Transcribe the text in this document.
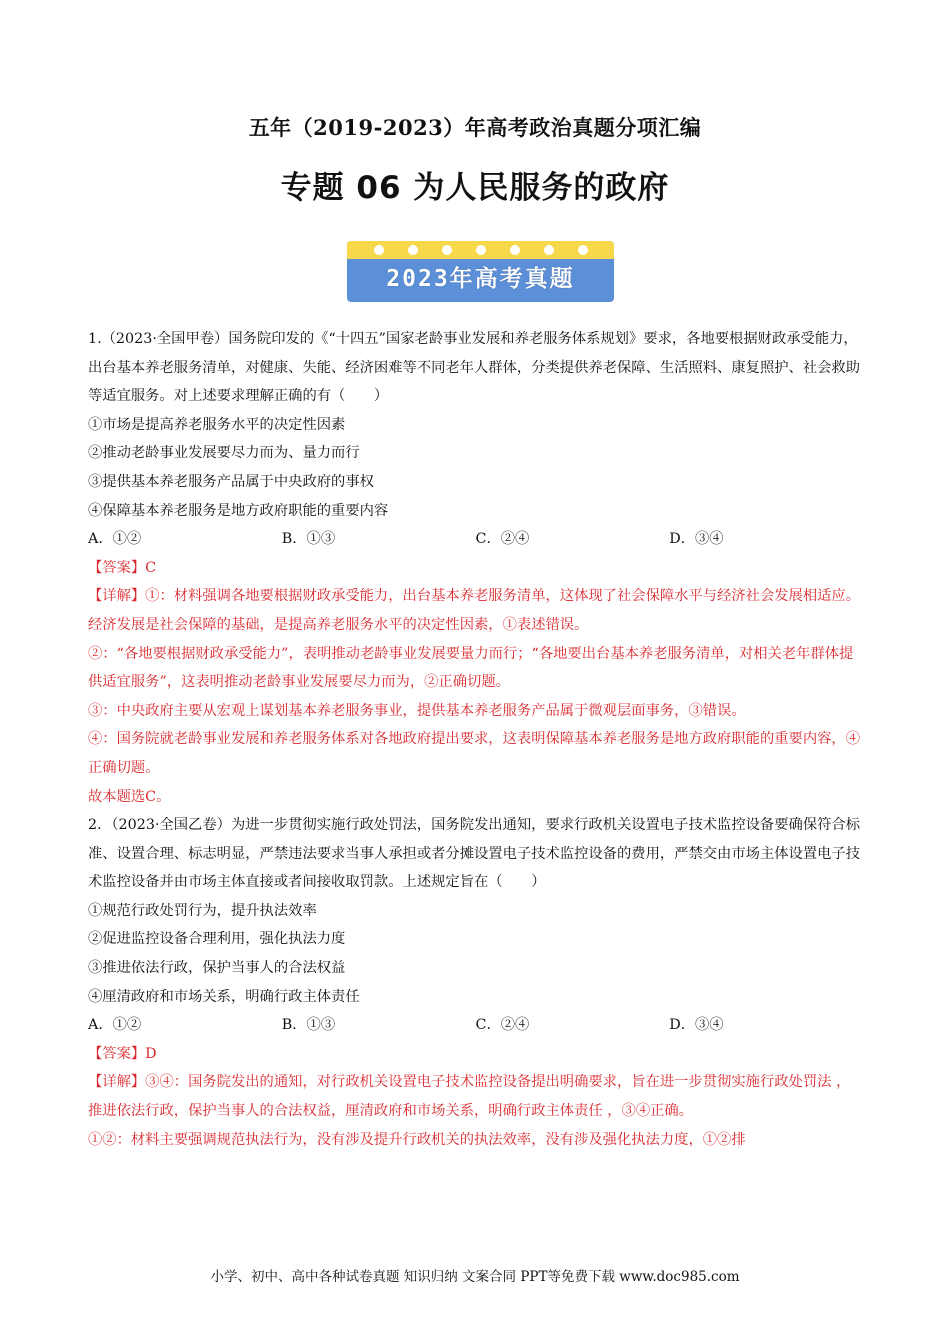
五年（2019-2023）年高考政治真题分项汇编
专题 06 为人民服务的政府
2023年高考真题

1.（2023·全国甲卷）国务院印发的《“十四五”国家老龄事业发展和养老服务体系规划》要求，各地要根据财政承受能力，出台基本养老服务清单，对健康、失能、经济困难等不同老年人群体，分类提供养老保障、生活照料、康复照护、社会救助等适宜服务。对上述要求理解正确的有（　　）

①市场是提高养老服务水平的决定性因素

②推动老龄事业发展要尽力而为、量力而行

③提供基本养老服务产品属于中央政府的事权

④保障基本养老服务是地方政府职能的重要内容

A．①②	B．①③	C．②④	D．③④

【答案】C

【详解】①：材料强调各地要根据财政承受能力，出台基本养老服务清单，这体现了社会保障水平与经济社会发展相适应。经济发展是社会保障的基础，是提高养老服务水平的决定性因素，①表述错误。

②：“各地要根据财政承受能力”，表明推动老龄事业发展要量力而行；“各地要出台基本养老服务清单，对相关老年群体提供适宜服务”，这表明推动老龄事业发展要尽力而为，②正确切题。

③：中央政府主要从宏观上谋划基本养老服务事业，提供基本养老服务产品属于微观层面事务，③错误。

④：国务院就老龄事业发展和养老服务体系对各地政府提出要求，这表明保障基本养老服务是地方政府职能的重要内容，④正确切题。

故本题选C。

2．（2023·全国乙卷）为进一步贯彻实施行政处罚法，国务院发出通知，要求行政机关设置电子技术监控设备要确保符合标准、设置合理、标志明显，严禁违法要求当事人承担或者分摊设置电子技术监控设备的费用，严禁交由市场主体设置电子技术监控设备并由市场主体直接或者间接收取罚款。上述规定旨在（　　）

①规范行政处罚行为，提升执法效率

②促进监控设备合理利用，强化执法力度

③推进依法行政，保护当事人的合法权益

④厘清政府和市场关系，明确行政主体责任

A．①②	B．①③	C．②④	D．③④

【答案】D

【详解】③④：国务院发出的通知，对行政机关设置电子技术监控设备提出明确要求，旨在进一步贯彻实施行政处罚法 ，推进依法行政，保护当事人的合法权益，厘清政府和市场关系，明确行政主体责任 ，③④正确。

①②：材料主要强调规范执法行为，没有涉及提升行政机关的执法效率，没有涉及强化执法力度，①②排

小学、初中、高中各种试卷真题 知识归纳 文案合同 PPT等免费下载 www.doc985.com
